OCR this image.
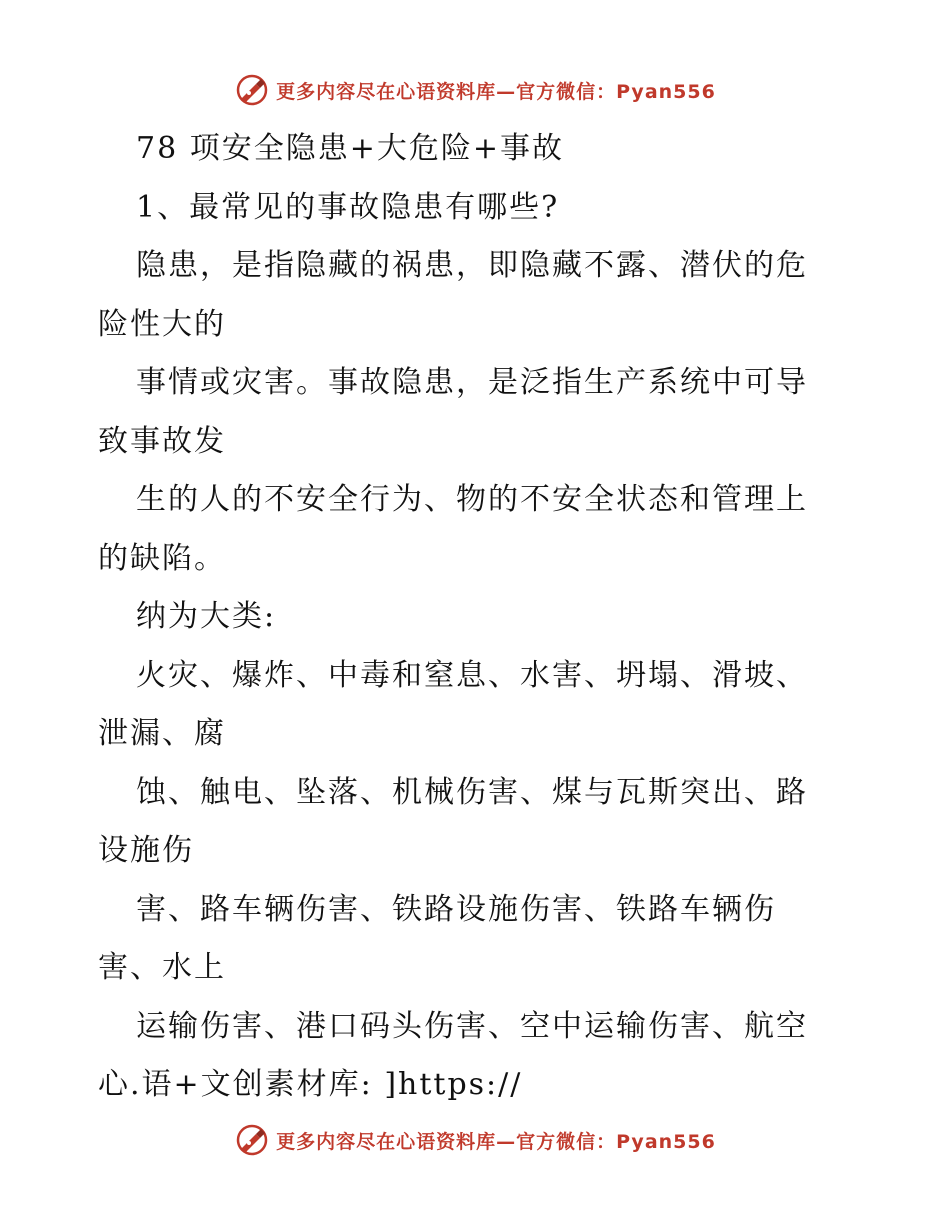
更多内容尽在心语资料库—官方微信：Pyan556
78 项安全隐患+大危险+事故
1、最常见的事故隐患有哪些?
隐患，是指隐藏的祸患，即隐藏不露、潜伏的危
险性大的
事情或灾害。事故隐患，是泛指生产系统中可导
致事故发
生的人的不安全行为、物的不安全状态和管理上
的缺陷。
纳为大类:
火灾、爆炸、中毒和窒息、水害、坍塌、滑坡、
泄漏、腐
蚀、触电、坠落、机械伤害、煤与瓦斯突出、路
设施伤
害、路车辆伤害、铁路设施伤害、铁路车辆伤
害、水上
运输伤害、港口码头伤害、空中运输伤害、航空
心.语+文创素材库: ]https://
更多内容尽在心语资料库—官方微信：Pyan556
